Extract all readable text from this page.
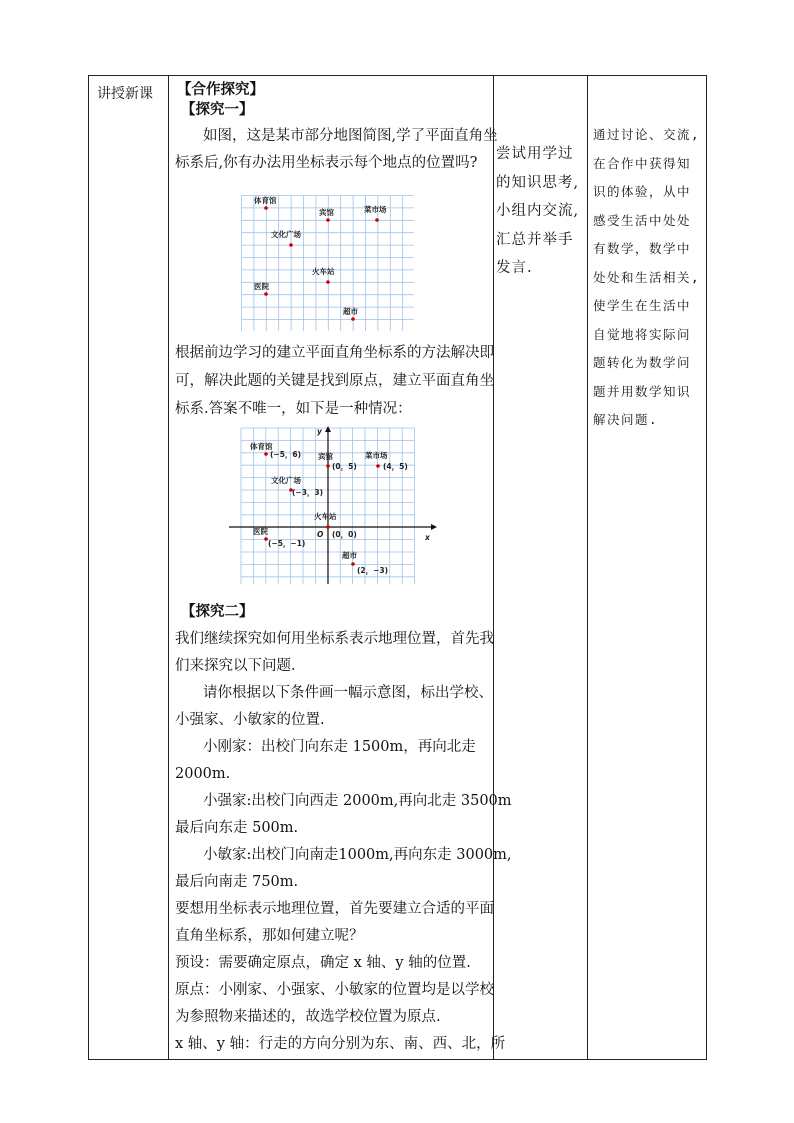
讲授新课 【合作探究】
【探究一】
如图，这是某市部分地图简图,学了平面直角坐
标系后,你有办法用坐标表示每个地点的位置吗?
体育馆
宾馆	菜市场
文化广场
火车站
医院
超市
根据前边学习的建立平面直角坐标系的方法解决即
可，解决此题的关键是找到原点，建立平面直角坐
标系.答案不唯一，如下是一种情况：
x
y
O
体育馆
(−5，6) 宾馆
(0，5)
菜市场
(4，5)
文化广场
(−3，3)
火车站
(0，0)
医院
(−5，−1)
超市
(2，−3)
【探究二】
我们继续探究如何用坐标系表示地理位置，首先我
们来探究以下问题．
请你根据以下条件画一幅示意图，标出学校、
小强家、小敏家的位置.
小刚家：出校门向东走 1500m，再向北走
2000m.
小强家:出校门向西走 2000m,再向北走 3500m
最后向东走 500m.
小敏家:出校门向南走1000m,再向东走 3000m,
最后向南走 750m.
要想用坐标表示地理位置，首先要建立合适的平面
直角坐标系，那如何建立呢？
预设：需要确定原点，确定 x 轴、y 轴的位置.
原点：小刚家、小强家、小敏家的位置均是以学校
为参照物来描述的，故选学校位置为原点.
x 轴、y 轴：行走的方向分别为东、南、西、北，所
尝试用学过
的知识思考,
小组内交流,
汇总并举手
发言.
通过讨论、交流,
在合作中获得知
识的体验，从中
感受生活中处处
有数学，数学中
处处和生活相关,
使学生在生活中
自觉地将实际问
题转化为数学问
题并用数学知识
解决问题.
